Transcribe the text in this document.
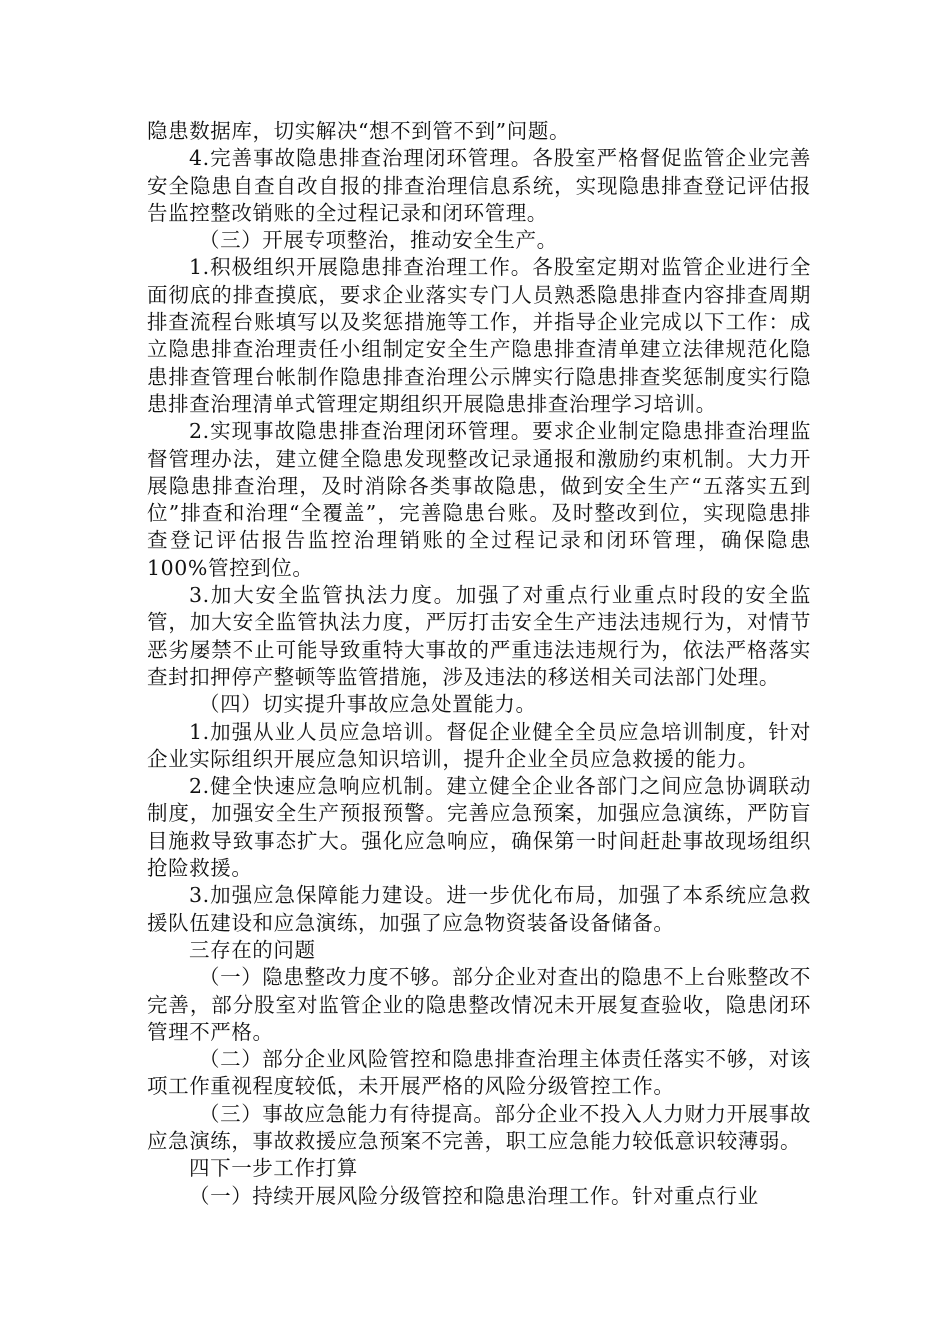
隐患数据库，切实解决“想不到管不到”问题。

4.完善事故隐患排查治理闭环管理。各股室严格督促监管企业完善安全隐患自查自改自报的排查治理信息系统，实现隐患排查登记评估报告监控整改销账的全过程记录和闭环管理。

（三）开展专项整治，推动安全生产。

1.积极组织开展隐患排查治理工作。各股室定期对监管企业进行全面彻底的排查摸底，要求企业落实专门人员熟悉隐患排查内容排查周期排查流程台账填写以及奖惩措施等工作，并指导企业完成以下工作：成立隐患排查治理责任小组制定安全生产隐患排查清单建立法律规范化隐患排查管理台帐制作隐患排查治理公示牌实行隐患排查奖惩制度实行隐患排查治理清单式管理定期组织开展隐患排查治理学习培训。

2.实现事故隐患排查治理闭环管理。要求企业制定隐患排查治理监督管理办法，建立健全隐患发现整改记录通报和激励约束机制。大力开展隐患排查治理，及时消除各类事故隐患，做到安全生产“五落实五到位”排查和治理“全覆盖”，完善隐患台账。及时整改到位，实现隐患排查登记评估报告监控治理销账的全过程记录和闭环管理，确保隐患100%管控到位。

3.加大安全监管执法力度。加强了对重点行业重点时段的安全监管，加大安全监管执法力度，严厉打击安全生产违法违规行为，对情节恶劣屡禁不止可能导致重特大事故的严重违法违规行为，依法严格落实查封扣押停产整顿等监管措施，涉及违法的移送相关司法部门处理。

（四）切实提升事故应急处置能力。

1.加强从业人员应急培训。督促企业健全全员应急培训制度，针对企业实际组织开展应急知识培训，提升企业全员应急救援的能力。

2.健全快速应急响应机制。建立健全企业各部门之间应急协调联动制度，加强安全生产预报预警。完善应急预案，加强应急演练，严防盲目施救导致事态扩大。强化应急响应，确保第一时间赶赴事故现场组织抢险救援。

3.加强应急保障能力建设。进一步优化布局，加强了本系统应急救援队伍建设和应急演练，加强了应急物资装备设备储备。

三存在的问题

（一）隐患整改力度不够。部分企业对查出的隐患不上台账整改不完善，部分股室对监管企业的隐患整改情况未开展复查验收，隐患闭环管理不严格。

（二）部分企业风险管控和隐患排查治理主体责任落实不够，对该项工作重视程度较低，未开展严格的风险分级管控工作。

（三）事故应急能力有待提高。部分企业不投入人力财力开展事故应急演练，事故救援应急预案不完善，职工应急能力较低意识较薄弱。

四下一步工作打算

（一）持续开展风险分级管控和隐患治理工作。针对重点行业
